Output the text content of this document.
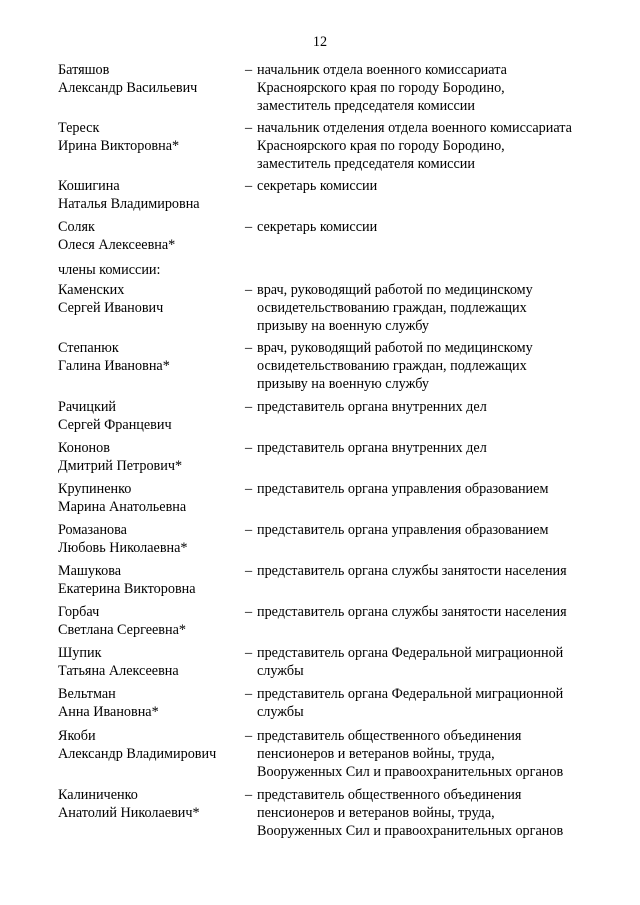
12
члены комиссии:
Батяшов
Александр Васильевич
– начальник отдела военного комиссариата
Красноярского края по городу Бородино,
заместитель председателя комиссии
Тереск
Ирина Викторовна*
– начальник отделения отдела военного комиссариата
Красноярского края по городу Бородино,
заместитель председателя комиссии
Кошигина
Наталья Владимировна
– секретарь комиссии
Соляк
Олеся Алексеевна*
– секретарь комиссии
Каменских
Сергей Иванович
– врач, руководящий работой по медицинскому
освидетельствованию граждан, подлежащих
призыву на военную службу
Степанюк
Галина Ивановна*
– врач, руководящий работой по медицинскому
освидетельствованию граждан, подлежащих
призыву на военную службу
Рачицкий
Сергей Францевич
– представитель органа внутренних дел
Кононов
Дмитрий Петрович*
– представитель органа внутренних дел
Крупиненко
Марина Анатольевна
– представитель органа управления образованием
Ромазанова
Любовь Николаевна*
– представитель органа управления образованием
Машукова
Екатерина Викторовна
– представитель органа службы занятости населения
Горбач
Светлана Сергеевна*
– представитель органа службы занятости населения
Шупик
Татьяна Алексеевна
– представитель органа Федеральной миграционной
службы
Вельтман
Анна Ивановна*
– представитель органа Федеральной миграционной
службы
Якоби
Александр Владимирович
– представитель общественного объединения
пенсионеров и ветеранов войны, труда,
Вооруженных Сил и правоохранительных органов
Калиниченко
Анатолий Николаевич*
– представитель общественного объединения
пенсионеров и ветеранов войны, труда,
Вооруженных Сил и правоохранительных органов
